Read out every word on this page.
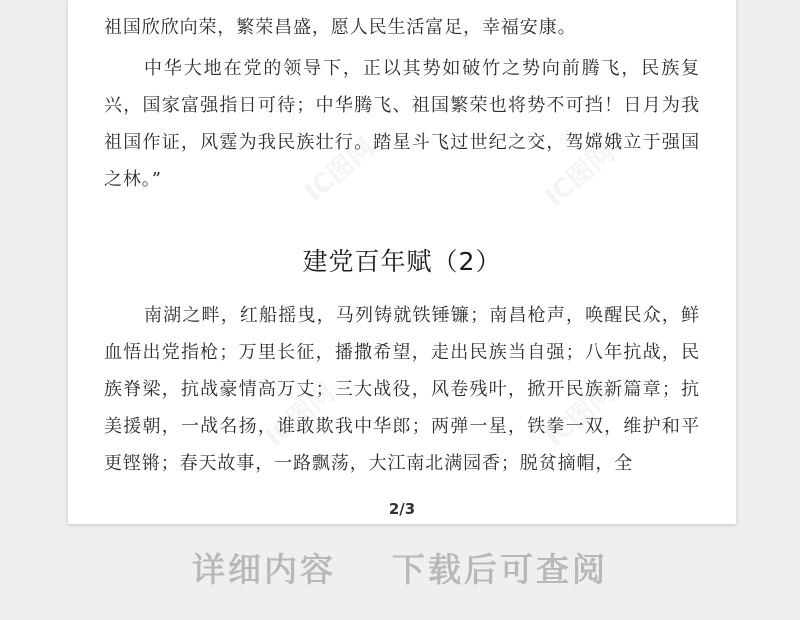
祖国欣欣向荣，繁荣昌盛，愿人民生活富足，幸福安康。

中华大地在党的领导下，正以其势如破竹之势向前腾飞，民族复兴，国家富强指日可待；中华腾飞、祖国繁荣也将势不可挡！日月为我祖国作证，风霆为我民族壮行。踏星斗飞过世纪之交，驾嫦娥立于强国之林。”

建党百年赋（2）

南湖之畔，红船摇曳，马列铸就铁锤镰；南昌枪声，唤醒民众，鲜血悟出党指枪；万里长征，播撒希望，走出民族当自强；八年抗战，民族脊梁，抗战豪情高万丈；三大战役，风卷残叶，掀开民族新篇章；抗美援朝，一战名扬，谁敢欺我中华郎；两弹一星，铁拳一双，维护和平更铿锵；春天故事，一路飘荡，大江南北满园香；脱贫摘帽，全

IC图网	IC图网
IC图网	IC图网
2/3
详细内容 下载后可查阅
